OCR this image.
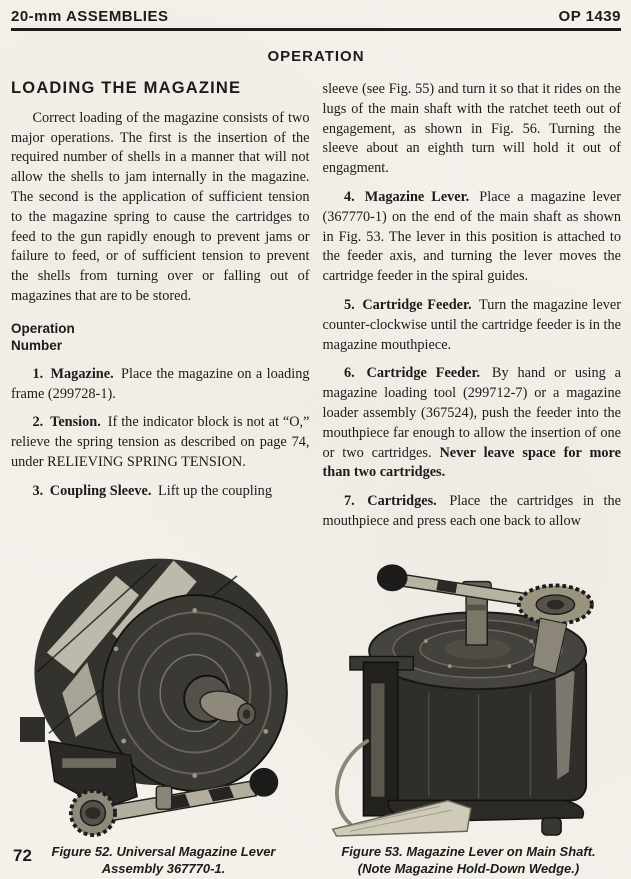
20-mm ASSEMBLIES	OP 1439
OPERATION
LOADING THE MAGAZINE

Correct loading of the magazine consists of two major operations. The first is the insertion of the required number of shells in a manner that will not allow the shells to jam internally in the magazine. The second is the application of sufficient tension to the magazine spring to cause the cartridges to feed to the gun rapidly enough to prevent jams or failure to feed, or of sufficient tension to prevent the shells from turning over or falling out of magazines that are to be stored.

Operation
Number

1. Magazine. Place the magazine on a loading frame (299728-1).

2. Tension. If the indicator block is not at “O,” relieve the spring tension as described on page 74, under RELIEVING SPRING TENSION.

3. Coupling Sleeve. Lift up the coupling

sleeve (see Fig. 55) and turn it so that it rides on the lugs of the main shaft with the ratchet teeth out of engagement, as shown in Fig. 56. Turning the sleeve about an eighth turn will hold it out of engagment.

4. Magazine Lever. Place a magazine lever (367770-1) on the end of the main shaft as shown in Fig. 53. The lever in this position is attached to the feeder axis, and turning the lever moves the cartridge feeder in the spiral guides.

5. Cartridge Feeder. Turn the magazine lever counter-clockwise until the cartridge feeder is in the magazine mouthpiece.

6. Cartridge Feeder. By hand or using a magazine loading tool (299712-7) or a magazine loader assembly (367524), push the feeder into the mouthpiece far enough to allow the insertion of one or two cartridges. Never leave space for more than two cartridges.

7. Cartridges. Place the cartridges in the mouthpiece and press each one back to allow

Figure 52. Universal Magazine Lever
Assembly 367770-1.
Figure 53. Magazine Lever on Main Shaft.
(Note Magazine Hold-Down Wedge.)
72
